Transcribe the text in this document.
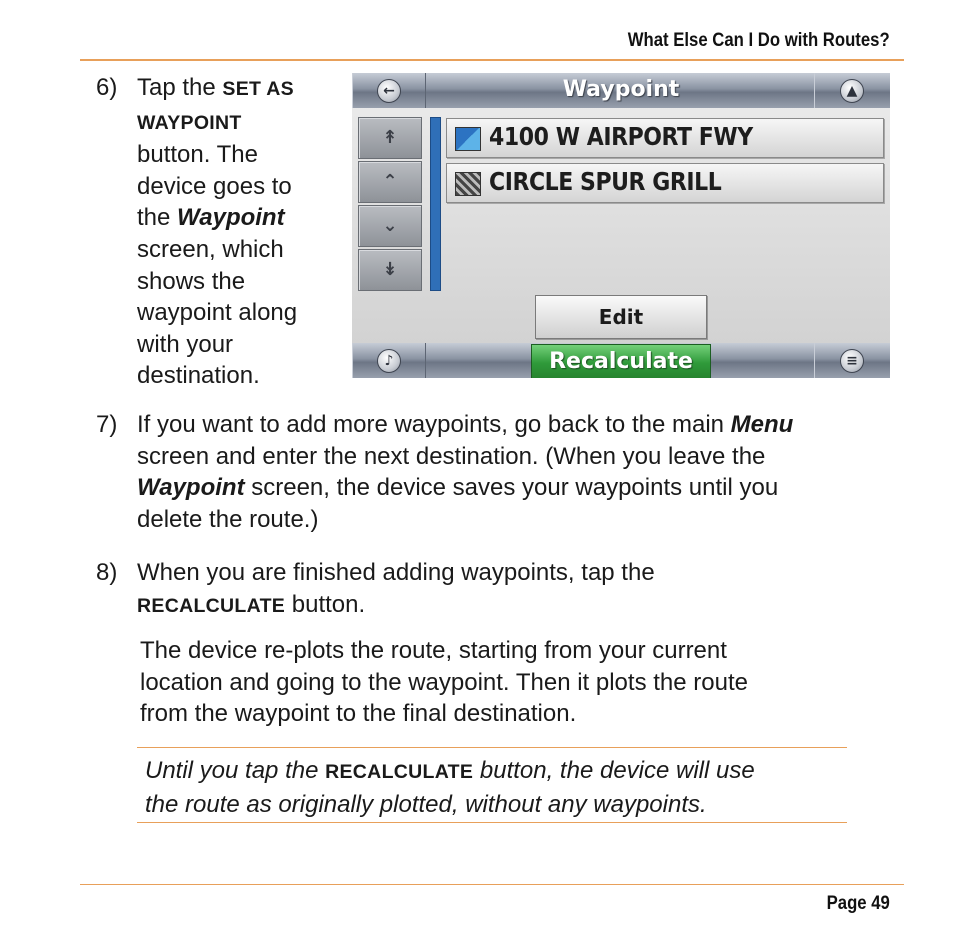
What Else Can I Do with Routes?
6) Tap the SET AS
WAYPOINT
button. The
device goes to
the Waypoint
screen, which
shows the
waypoint along
with your
destination.
←	Waypoint	▲
↟
⌃
⌄
↡
4100 W AIRPORT FWY
CIRCLE SPUR GRILL
Edit
♪	Recalculate	≡
7) If you want to add more waypoints, go back to the main Menu
screen and enter the next destination. (When you leave the
Waypoint screen, the device saves your waypoints until you
delete the route.)
8) When you are finished adding waypoints, tap the
RECALCULATE button.
The device re-plots the route, starting from your current
location and going to the waypoint. Then it plots the route
from the waypoint to the final destination.
Until you tap the RECALCULATE button, the device will use
the route as originally plotted, without any waypoints.
Page 49
